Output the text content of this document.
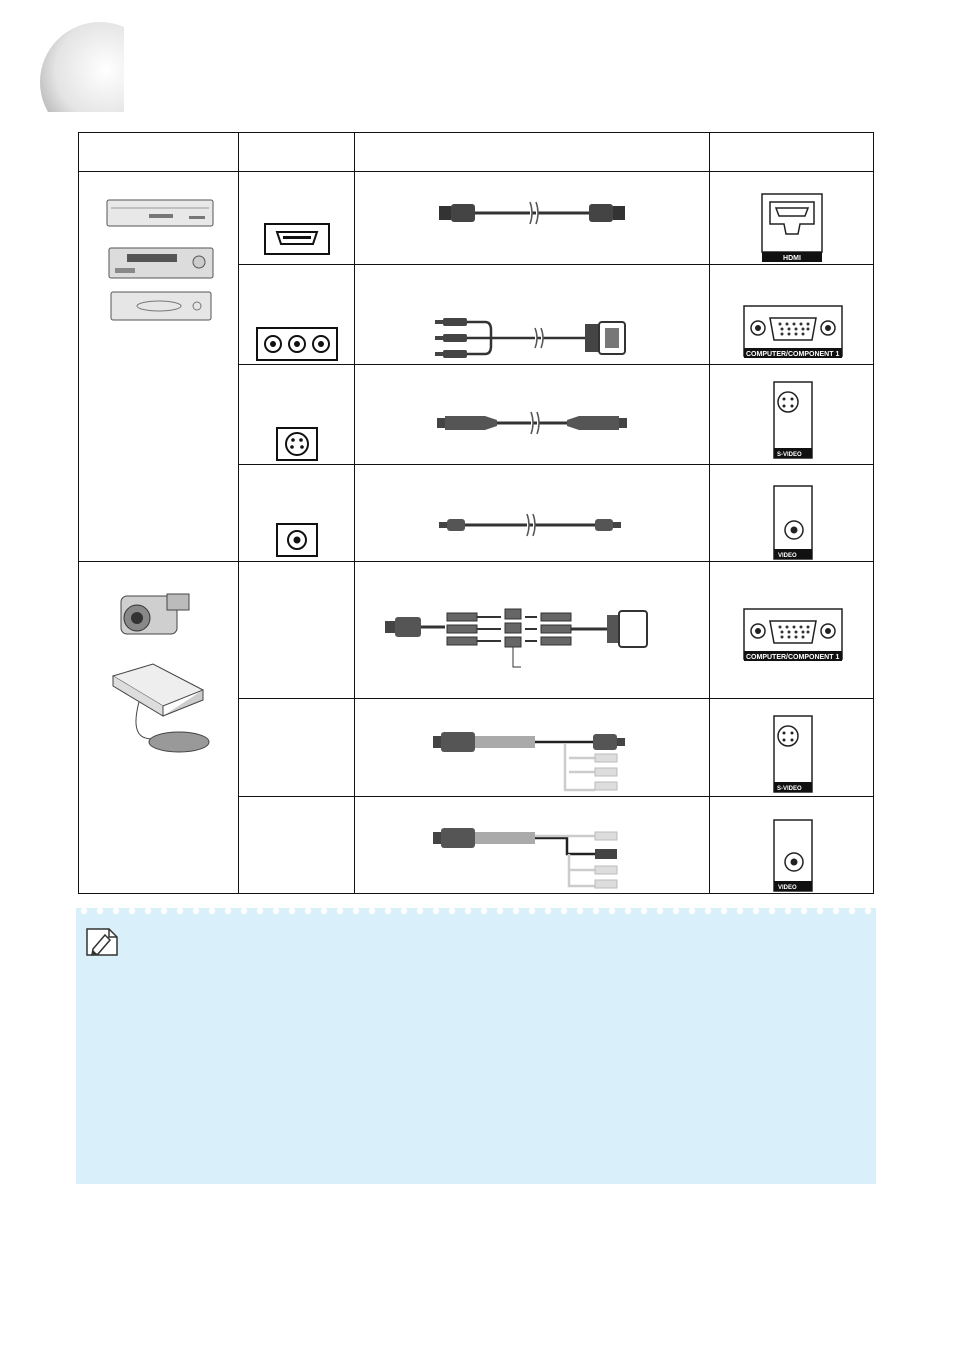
HDMI

COMPUTER/COMPONENT 1

S-VIDEO

VIDEO

COMPUTER/COMPONENT 1

S-VIDEO

VIDEO
